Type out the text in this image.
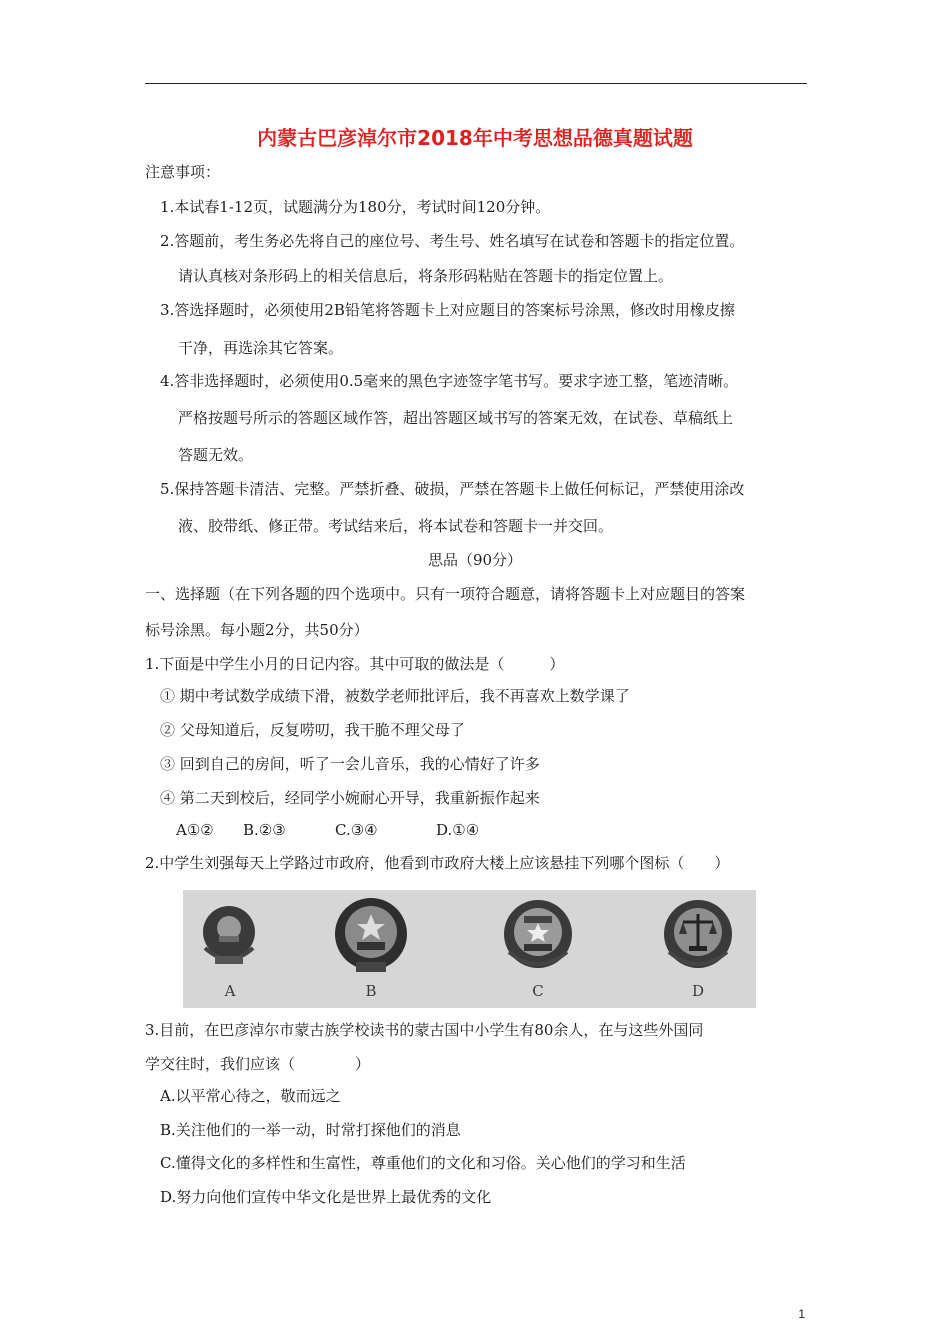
内蒙古巴彦淖尔市2018年中考思想品德真题试题
注意事项：
1.本试春1-12页，试题满分为180分，考试时间120分钟。
2.答题前，考生务必先将自己的座位号、考生号、姓名填写在试卷和答题卡的指定位置。
请认真核对条形码上的相关信息后，将条形码粘贴在答题卡的指定位置上。
3.答选择题时，必须使用2B铅笔将答题卡上对应题目的答案标号涂黑，修改时用橡皮擦
干净，再选涂其它答案。
4.答非选择题时，必须使用0.5毫来的黑色字迹签字笔书写。要求字迹工整，笔迹清晰。
严格按题号所示的答题区域作答，超出答题区域书写的答案无效，在试卷、草稿纸上
答题无效。
5.保持答题卡清洁、完整。严禁折叠、破损，严禁在答题卡上做任何标记，严禁使用涂改
液、胶带纸、修正带。考试结来后，将本试卷和答题卡一并交回。
思品（90分）
一、选择题（在下列各题的四个选项中。只有一项符合题意，请将答题卡上对应题目的答案
标号涂黑。每小题2分，共50分）
1.下面是中学生小月的日记内容。其中可取的做法是（　　　）
① 期中考试数学成绩下滑，被数学老师批评后，我不再喜欢上数学课了
② 父母知道后，反复唠叨，我干脆不理父母了
③ 回到自己的房间，听了一会儿音乐，我的心情好了许多
④ 第二天到校后，经同学小婉耐心开导，我重新振作起来
A①② B.②③	C.③④	D.①④
2.中学生刘强每天上学路过市政府，他看到市政府大楼上应该悬挂下列哪个图标（　　）
A	B	C	D
3.目前，在巴彦淖尔市蒙古族学校读书的蒙古国中小学生有80余人，在与这些外国同
学交往时，我们应该（　　　　）
A.以平常心待之，敬而远之
B.关注他们的一举一动，时常打探他们的消息
C.懂得文化的多样性和生富性，尊重他们的文化和习俗。关心他们的学习和生活
D.努力向他们宣传中华文化是世界上最优秀的文化
1
